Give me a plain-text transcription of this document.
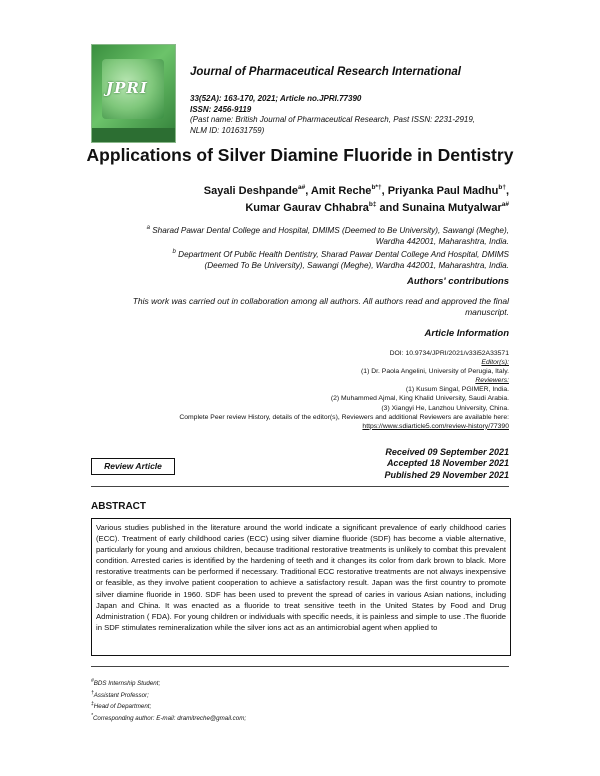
JPRI

Journal of Pharmaceutical Research International

33(52A): 163-170, 2021; Article no.JPRI.77390
ISSN: 2456-9119
(Past name: British Journal of Pharmaceutical Research, Past ISSN: 2231-2919,
NLM ID: 101631759)
Applications of Silver Diamine Fluoride in Dentistry
Sayali Deshpande$^{a\#}$, Amit Reche$^{b*\dagger}$, Priyanka Paul Madhu$^{b\dagger}$,
Kumar Gaurav Chhabra$^{b\ddagger}$ and Sunaina Mutyalwar$^{a\#}$
$^a$ Sharad Pawar Dental College and Hospital, DMIMS (Deemed to Be University), Sawangi (Meghe),
Wardha 442001, Maharashtra, India.
$^b$ Department Of Public Health Dentistry, Sharad Pawar Dental College And Hospital, DMIMS
(Deemed To Be University), Sawangi (Meghe), Wardha 442001, Maharashtra, India.
Authors' contributions
This work was carried out in collaboration among all authors. All authors read and approved the final
manuscript.
Article Information
DOI: 10.9734/JPRI/2021/v33i52A33571
Editor(s):
(1) Dr. Paola Angelini, University of Perugia, Italy.
Reviewers:
(1) Kusum Singal, PGIMER, India.
(2) Muhammed Ajmal, King Khalid University, Saudi Arabia.
(3) Xiangyi He, Lanzhou University, China.
Complete Peer review History, details of the editor(s), Reviewers and additional Reviewers are available here:
https://www.sdiarticle5.com/review-history/77390
Review Article
Received 09 September 2021
Accepted 18 November 2021
Published 29 November 2021
ABSTRACT
Various studies published in the literature around the world indicate a significant prevalence of early childhood caries (ECC). Treatment of early childhood caries (ECC) using silver diamine fluoride (SDF) has become a viable alternative, particularly for young and anxious children, because traditional restorative treatments is unlikely to combat this prevalent condition. Arrested caries is identified by the hardening of teeth and it changes its color from dark brown to black. More restorative treatments can be performed if necessary. Traditional ECC restorative treatments are not always inexpensive or feasible, as they involve patient cooperation to achieve a satisfactory result. Japan was the first country to promote silver diamine fluoride in 1960. SDF has been used to prevent the spread of caries in various Asian nations, including Japan and China. It was enacted as a fluoride to treat sensitive teeth in the United States by Food and Drug Administration ( FDA). For young children or individuals with specific needs, it is painless and simple to use .The fluoride in SDF stimulates remineralization while the silver ions act as an antimicrobial agent when applied to
#BDS Internship Student;
†Assistant Professor;
‡Head of Department;
*Corresponding author: E-mail: dramitreche@gmail.com;
